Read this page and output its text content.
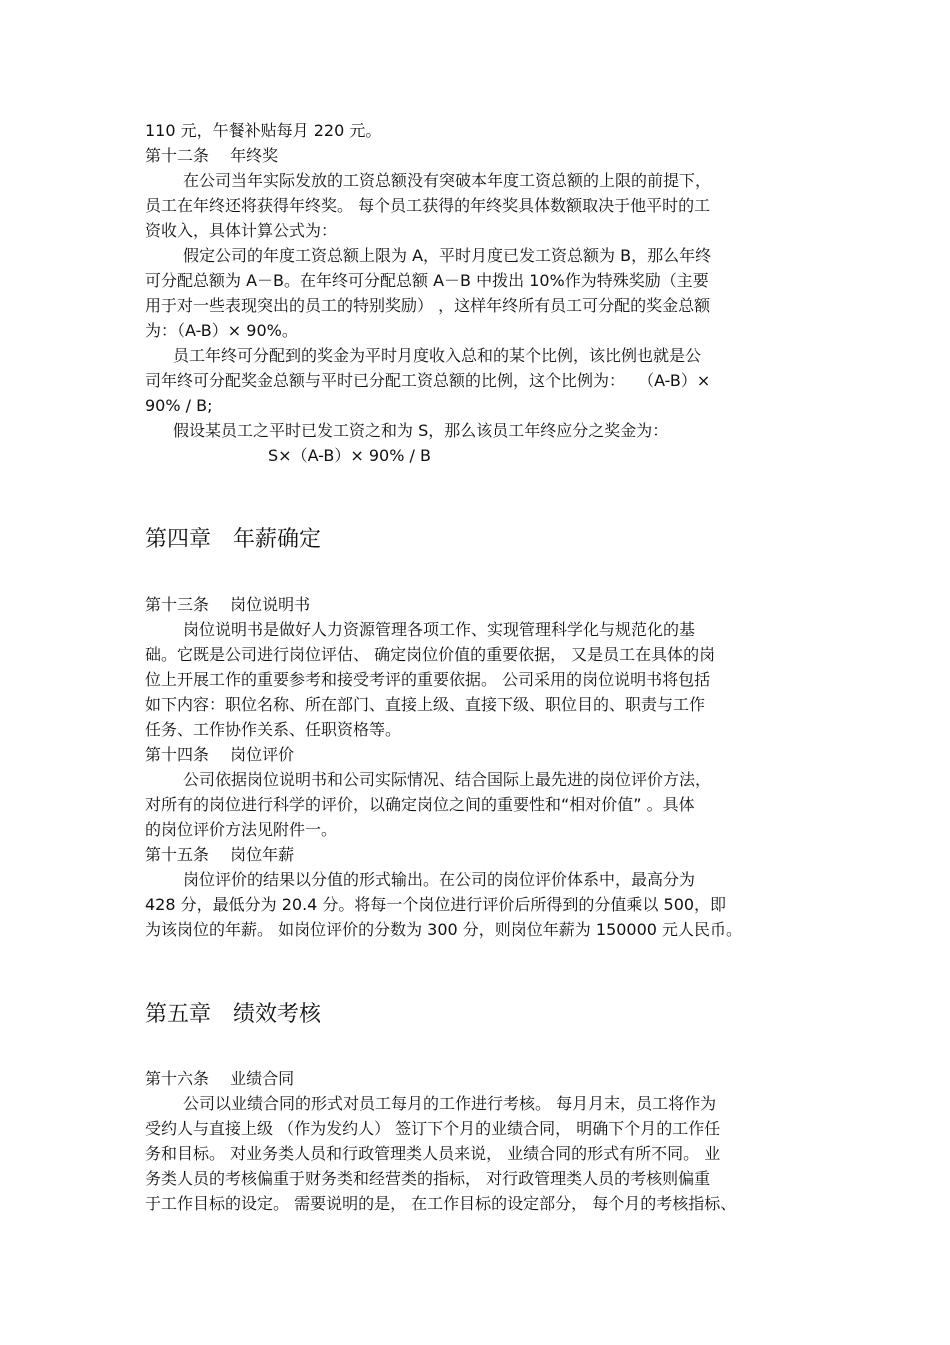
110 元，午餐补贴每月 220 元。
第十二条　 年终奖
在公司当年实际发放的工资总额没有突破本年度工资总额的上限的前提下，
员工在年终还将获得年终奖。 每个员工获得的年终奖具体数额取决于他平时的工
资收入，具体计算公式为：
假定公司的年度工资总额上限为 A，平时月度已发工资总额为 B，那么年终
可分配总额为 A－B。在年终可分配总额 A－B 中拨出 10%作为特殊奖励（主要
用于对一些表现突出的员工的特别奖励） ，这样年终所有员工可分配的奖金总额
为：（A-B）× 90%。
员工年终可分配到的奖金为平时月度收入总和的某个比例，该比例也就是公
司年终可分配奖金总额与平时已分配工资总额的比例，这个比例为：　 （A-B）×
90% / B;
假设某员工之平时已发工资之和为 S，那么该员工年终应分之奖金为：
S×（A-B）× 90% / B
第四章　年薪确定
第十三条　 岗位说明书
岗位说明书是做好人力资源管理各项工作、实现管理科学化与规范化的基
础。它既是公司进行岗位评估、 确定岗位价值的重要依据， 又是员工在具体的岗
位上开展工作的重要参考和接受考评的重要依据。 公司采用的岗位说明书将包括
如下内容：职位名称、所在部门、直接上级、直接下级、职位目的、职责与工作
任务、工作协作关系、任职资格等。
第十四条　 岗位评价
公司依据岗位说明书和公司实际情况、结合国际上最先进的岗位评价方法，
对所有的岗位进行科学的评价，以确定岗位之间的重要性和“相对价值” 。具体
的岗位评价方法见附件一。
第十五条　 岗位年薪
岗位评价的结果以分值的形式输出。在公司的岗位评价体系中，最高分为
428 分，最低分为 20.4 分。将每一个岗位进行评价后所得到的分值乘以 500，即
为该岗位的年薪。 如岗位评价的分数为 300 分，则岗位年薪为 150000 元人民币。
第五章　绩效考核
第十六条　 业绩合同
公司以业绩合同的形式对员工每月的工作进行考核。 每月月末，员工将作为
受约人与直接上级 （作为发约人） 签订下个月的业绩合同， 明确下个月的工作任
务和目标。 对业务类人员和行政管理类人员来说， 业绩合同的形式有所不同。 业
务类人员的考核偏重于财务类和经营类的指标， 对行政管理类人员的考核则偏重
于工作目标的设定。 需要说明的是， 在工作目标的设定部分， 每个月的考核指标、
